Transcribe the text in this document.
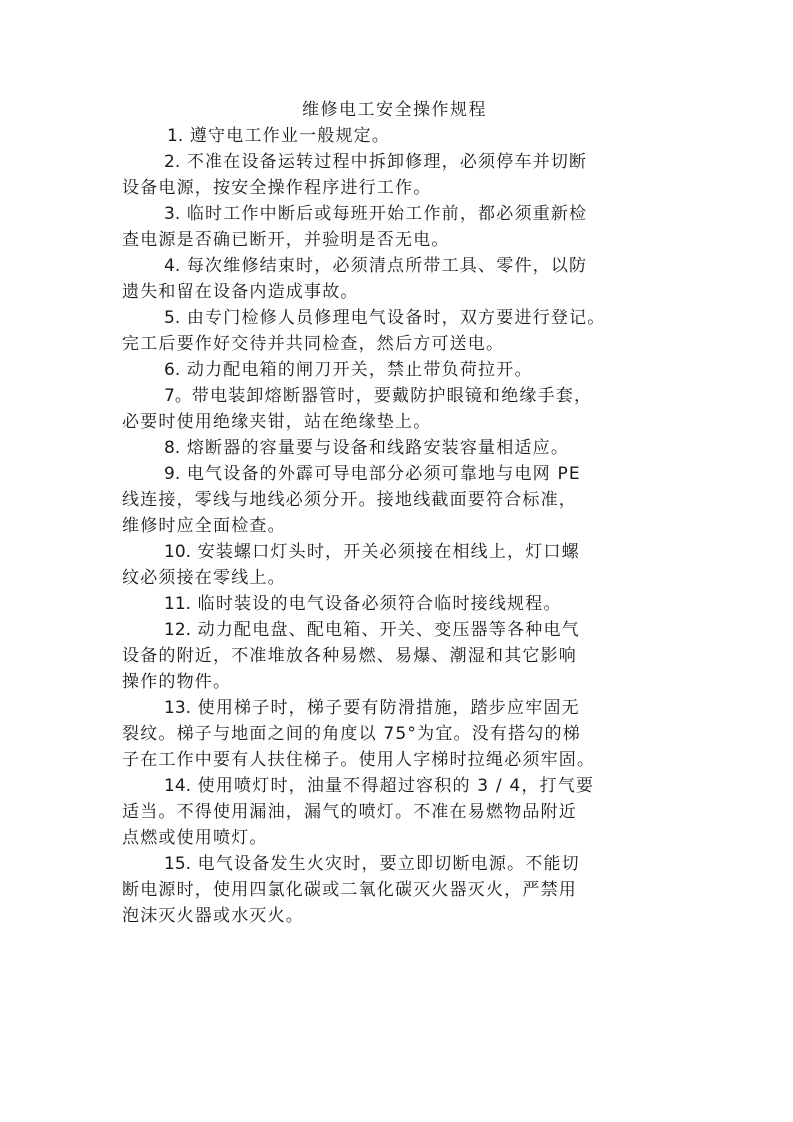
维修电工安全操作规程
1. 遵守电工作业一般规定。
2. 不准在设备运转过程中拆卸修理，必须停车并切断
设备电源，按安全操作程序进行工作。
3. 临时工作中断后或每班开始工作前，都必须重新检
查电源是否确已断开，并验明是否无电。
4. 每次维修结束时，必须清点所带工具、零件，以防
遗失和留在设备内造成事故。
5. 由专门检修人员修理电气设备时，双方要进行登记。
完工后要作好交待并共同检查，然后方可送电。
6. 动力配电箱的闸刀开关，禁止带负荷拉开。
7。带电装卸熔断器管时，要戴防护眼镜和绝缘手套，
必要时使用绝缘夹钳，站在绝缘垫上。
8. 熔断器的容量要与设备和线路安装容量相适应。
9. 电气设备的外霹可导电部分必须可靠地与电网 PE
线连接，零线与地线必须分开。接地线截面要符合标准，
维修时应全面检查。
10. 安装螺口灯头时，开关必须接在相线上，灯口螺
纹必须接在零线上。
11. 临时装设的电气设备必须符合临时接线规程。
12. 动力配电盘、配电箱、开关、变压器等各种电气
设备的附近，不准堆放各种易燃、易爆、潮湿和其它影响
操作的物件。
13. 使用梯子时，梯子要有防滑措施，踏步应牢固无
裂纹。梯子与地面之间的角度以 75°为宜。没有搭勾的梯
子在工作中要有人扶住梯子。使用人字梯时拉绳必须牢固。
14. 使用喷灯时，油量不得超过容积的 3 / 4，打气要
适当。不得使用漏油，漏气的喷灯。不准在易燃物品附近
点燃或使用喷灯。
15. 电气设备发生火灾时，要立即切断电源。不能切
断电源时，使用四氯化碳或二氧化碳灭火器灭火，严禁用
泡沫灭火器或水灭火。
